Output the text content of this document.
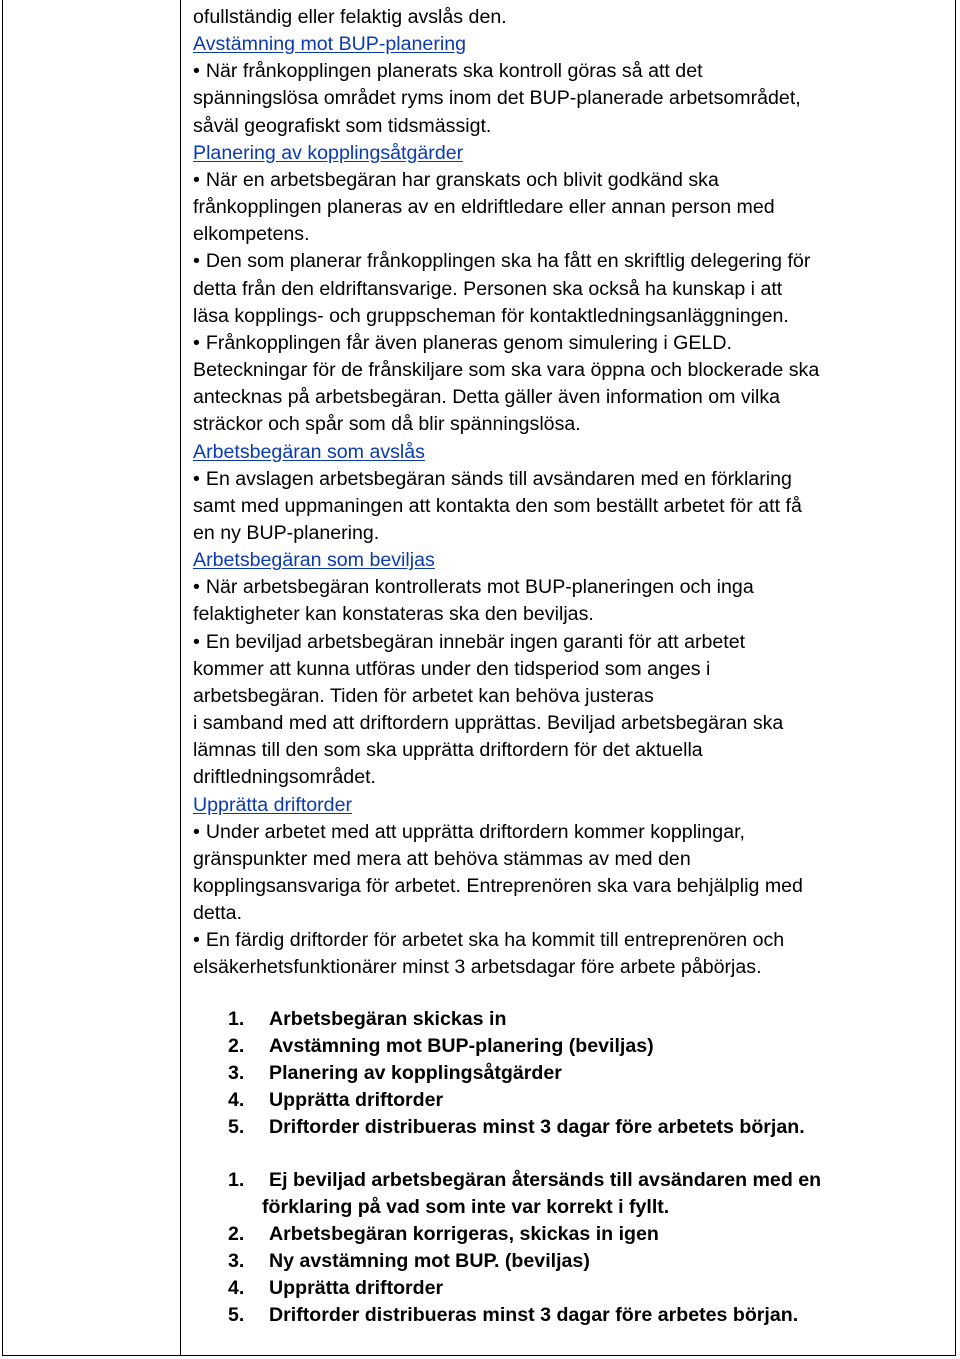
ofullständig eller felaktig avslås den.
Avstämning mot BUP-planering
• När frånkopplingen planerats ska kontroll göras så att det
spänningslösa området ryms inom det BUP-planerade arbetsområdet,
såväl geografiskt som tidsmässigt.
Planering av kopplingsåtgärder
• När en arbetsbegäran har granskats och blivit godkänd ska
frånkopplingen planeras av en eldriftledare eller annan person med
elkompetens.
• Den som planerar frånkopplingen ska ha fått en skriftlig delegering för
detta från den eldriftansvarige. Personen ska också ha kunskap i att
läsa kopplings- och gruppscheman för kontaktledningsanläggningen.
• Frånkopplingen får även planeras genom simulering i GELD.
Beteckningar för de frånskiljare som ska vara öppna och blockerade ska
antecknas på arbetsbegäran. Detta gäller även information om vilka
sträckor och spår som då blir spänningslösa.
Arbetsbegäran som avslås
• En avslagen arbetsbegäran sänds till avsändaren med en förklaring
samt med uppmaningen att kontakta den som beställt arbetet för att få
en ny BUP-planering.
Arbetsbegäran som beviljas
• När arbetsbegäran kontrollerats mot BUP-planeringen och inga
felaktigheter kan konstateras ska den beviljas.
• En beviljad arbetsbegäran innebär ingen garanti för att arbetet
kommer att kunna utföras under den tidsperiod som anges i
arbetsbegäran. Tiden för arbetet kan behöva justeras
i samband med att driftordern upprättas. Beviljad arbetsbegäran ska
lämnas till den som ska upprätta driftordern för det aktuella
driftledningsområdet.
Upprätta driftorder
• Under arbetet med att upprätta driftordern kommer kopplingar,
gränspunkter med mera att behöva stämmas av med den
kopplingsansvariga för arbetet. Entreprenören ska vara behjälplig med
detta.
• En färdig driftorder för arbetet ska ha kommit till entreprenören och
elsäkerhetsfunktionärer minst 3 arbetsdagar före arbete påbörjas.
1. Arbetsbegäran skickas in
2. Avstämning mot BUP-planering (beviljas)
3. Planering av kopplingsåtgärder
4. Upprätta driftorder
5. Driftorder distribueras minst 3 dagar före arbetets början.
1. Ej beviljad arbetsbegäran återsänds till avsändaren med en
förklaring på vad som inte var korrekt i fyllt.
2. Arbetsbegäran korrigeras, skickas in igen
3. Ny avstämning mot BUP. (beviljas)
4. Upprätta driftorder
5. Driftorder distribueras minst 3 dagar före arbetes början.
